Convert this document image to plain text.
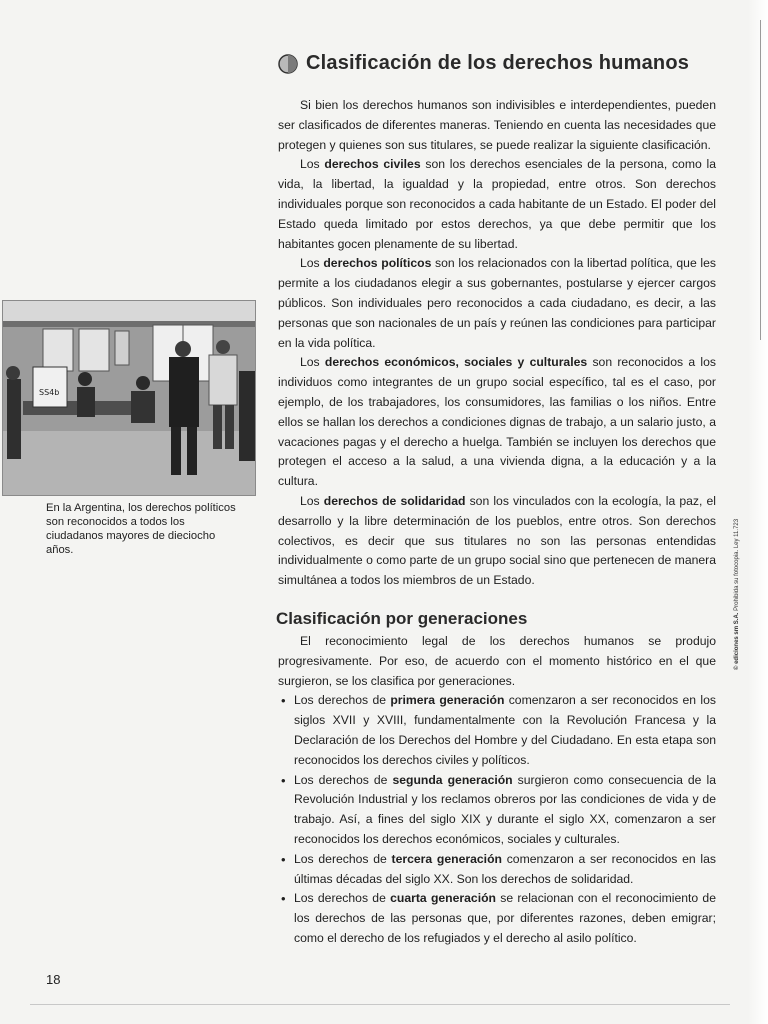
Clasificación de los derechos humanos

Si bien los derechos humanos son indivisibles e interdependientes, pueden ser clasificados de diferentes maneras. Teniendo en cuenta las necesidades que protegen y quienes son sus titulares, se puede realizar la siguiente clasificación.

Los derechos civiles son los derechos esenciales de la persona, como la vida, la libertad, la igualdad y la propiedad, entre otros. Son derechos individuales porque son reconocidos a cada habitante de un Estado. El poder del Estado queda limitado por estos derechos, ya que debe permitir que los habitantes gocen plenamente de su libertad.

Los derechos políticos son los relacionados con la libertad política, que les permite a los ciudadanos elegir a sus gobernantes, postularse y ejercer cargos públicos. Son individuales pero reconocidos a cada ciudadano, es decir, a las personas que son nacionales de un país y reúnen las condiciones para participar en la vida política.

Los derechos económicos, sociales y culturales son reconocidos a los individuos como integrantes de un grupo social específico, tal es el caso, por ejemplo, de los trabajadores, los consumidores, las familias o los niños. Entre ellos se hallan los derechos a condiciones dignas de trabajo, a un salario justo, a vacaciones pagas y el derecho a huelga. También se incluyen los derechos que protegen el acceso a la salud, a una vivienda digna, a la educación y a la cultura.

Los derechos de solidaridad son los vinculados con la ecología, la paz, el desarrollo y la libre determinación de los pueblos, entre otros. Son derechos colectivos, es decir que sus titulares no son las personas entendidas individualmente o como parte de un grupo social sino que pertenecen de manera simultánea a todos los miembros de un Estado.

SS4b
En la Argentina, los derechos políticos son reconocidos a todos los ciudadanos mayores de dieciocho años.
Clasificación por generaciones

El reconocimiento legal de los derechos humanos se produjo progresivamente. Por eso, de acuerdo con el momento histórico en el que surgieron, se los clasifica por generaciones.

• Los derechos de primera generación comenzaron a ser reconocidos en los siglos XVII y XVIII, fundamentalmente con la Revolución Francesa y la Declaración de los Derechos del Hombre y del Ciudadano. En esta etapa son reconocidos los derechos civiles y políticos.
• Los derechos de segunda generación surgieron como consecuencia de la Revolución Industrial y los reclamos obreros por las condiciones de vida y de trabajo. Así, a fines del siglo XIX y durante el siglo XX, comenzaron a ser reconocidos los derechos económicos, sociales y culturales.
• Los derechos de tercera generación comenzaron a ser reconocidos en las últimas décadas del siglo XX. Son los derechos de solidaridad.
• Los derechos de cuarta generación se relacionan con el reconocimiento de los derechos de las personas que, por diferentes razones, deben emigrar; como el derecho de los refugiados y el derecho al asilo político.
© ediciones sm S.A. Prohibida su fotocopia. Ley 11.723
18
